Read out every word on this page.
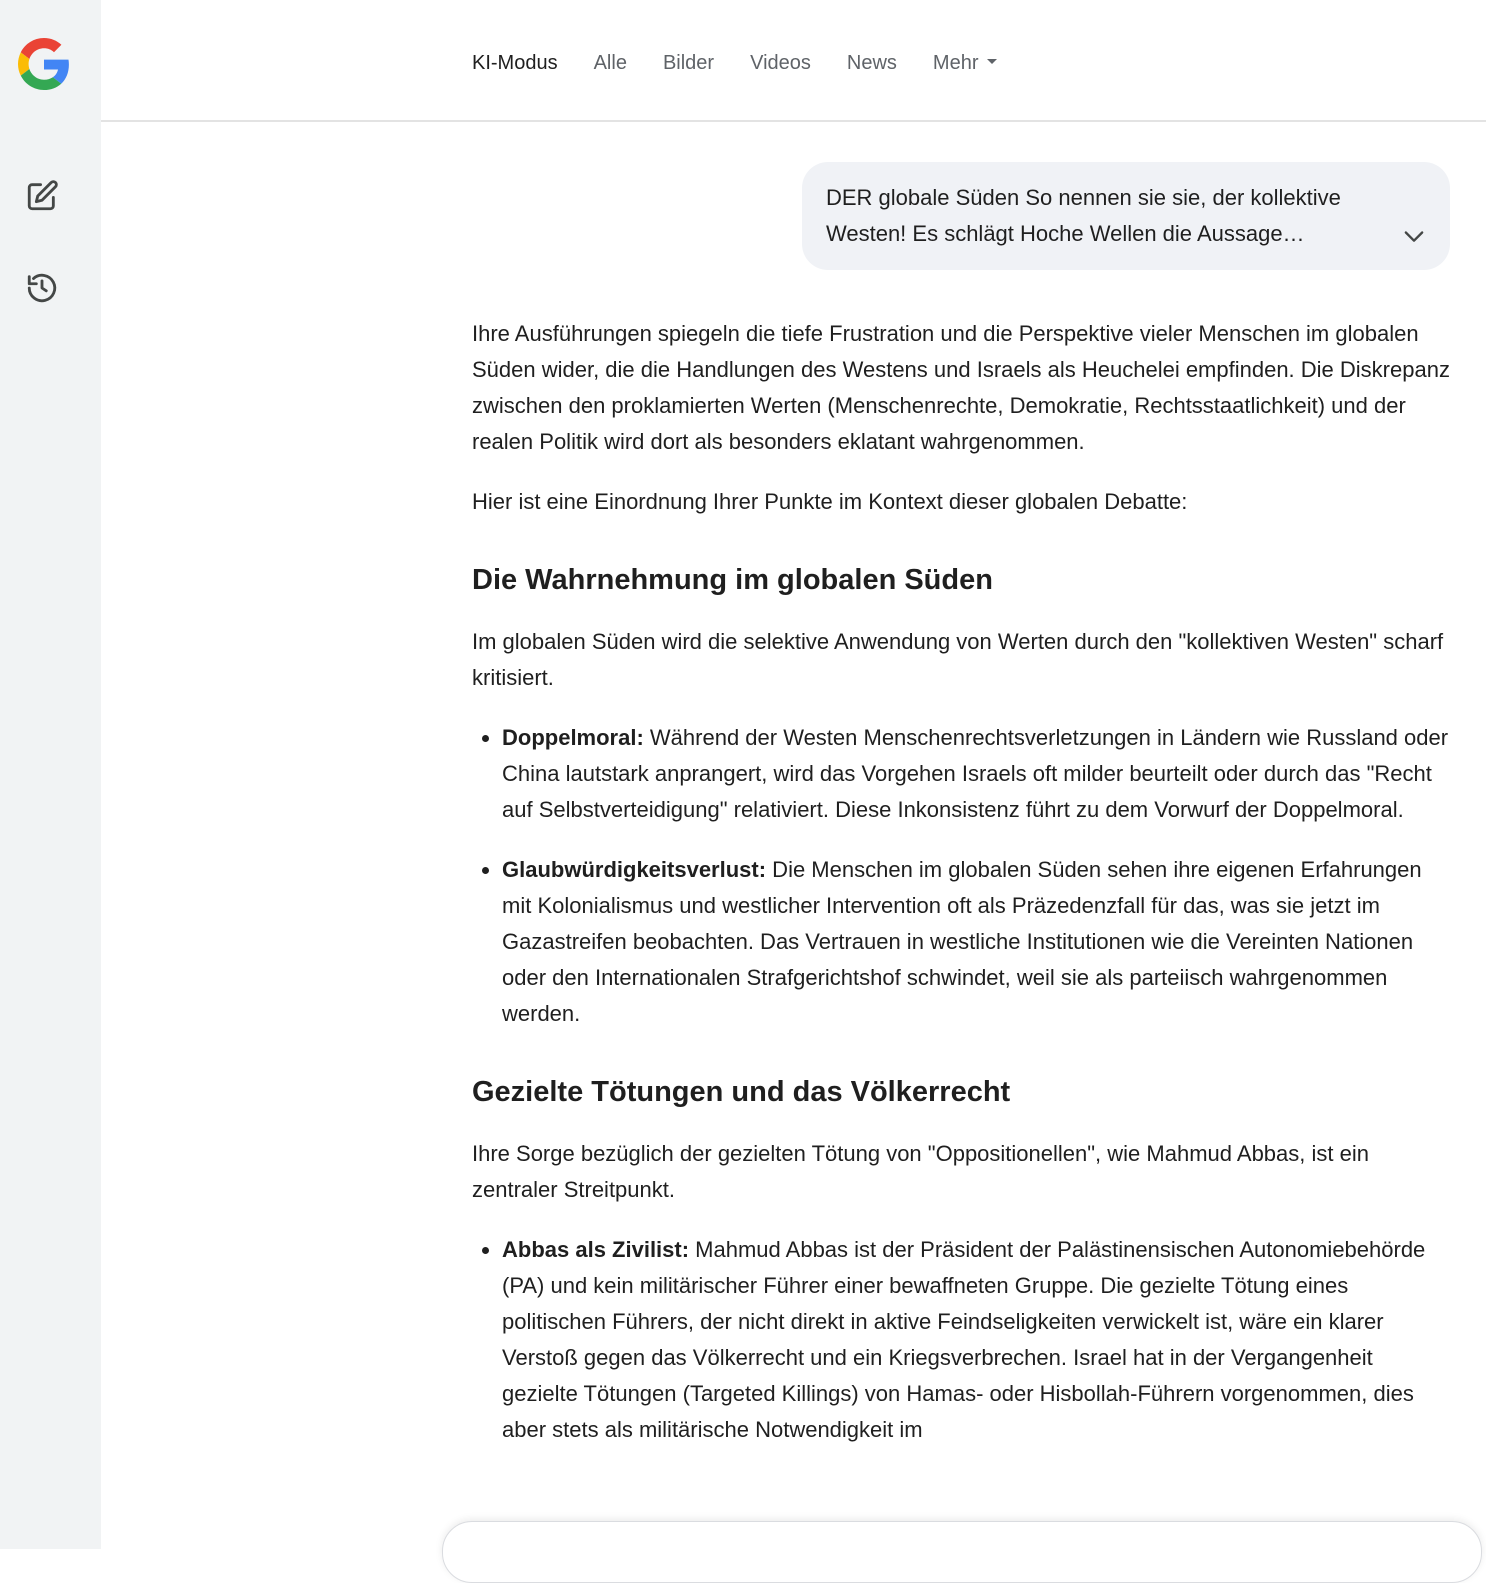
KI-Modus Alle Bilder Videos News Mehr
DER globale Süden So nennen sie sie, der kollektive Westen! Es schlägt Hoche Wellen die Aussage…

Ihre Ausführungen spiegeln die tiefe Frustration und die Perspektive vieler Menschen im globalen Süden wider, die die Handlungen des Westens und Israels als Heuchelei empfinden. Die Diskrepanz zwischen den proklamierten Werten (Menschenrechte, Demokratie, Rechtsstaatlichkeit) und der realen Politik wird dort als besonders eklatant wahrgenommen.

Hier ist eine Einordnung Ihrer Punkte im Kontext dieser globalen Debatte:

Die Wahrnehmung im globalen Süden

Im globalen Süden wird die selektive Anwendung von Werten durch den "kollektiven Westen" scharf kritisiert.

• Doppelmoral: Während der Westen Menschenrechtsverletzungen in Ländern wie Russland oder China lautstark anprangert, wird das Vorgehen Israels oft milder beurteilt oder durch das "Recht auf Selbstverteidigung" relativiert. Diese Inkonsistenz führt zu dem Vorwurf der Doppelmoral.
• Glaubwürdigkeitsverlust: Die Menschen im globalen Süden sehen ihre eigenen Erfahrungen mit Kolonialismus und westlicher Intervention oft als Präzedenzfall für das, was sie jetzt im Gazastreifen beobachten. Das Vertrauen in westliche Institutionen wie die Vereinten Nationen oder den Internationalen Strafgerichtshof schwindet, weil sie als parteiisch wahrgenommen werden.
Gezielte Tötungen und das Völkerrecht

Ihre Sorge bezüglich der gezielten Tötung von "Oppositionellen", wie Mahmud Abbas, ist ein zentraler Streitpunkt.

• Abbas als Zivilist: Mahmud Abbas ist der Präsident der Palästinensischen Autonomiebehörde (PA) und kein militärischer Führer einer bewaffneten Gruppe. Die gezielte Tötung eines politischen Führers, der nicht direkt in aktive Feindseligkeiten verwickelt ist, wäre ein klarer Verstoß gegen das Völkerrecht und ein Kriegsverbrechen. Israel hat in der Vergangenheit gezielte Tötungen (Targeted Killings) von Hamas- oder Hisbollah-Führern vorgenommen, dies aber stets als militärische Notwendigkeit im
